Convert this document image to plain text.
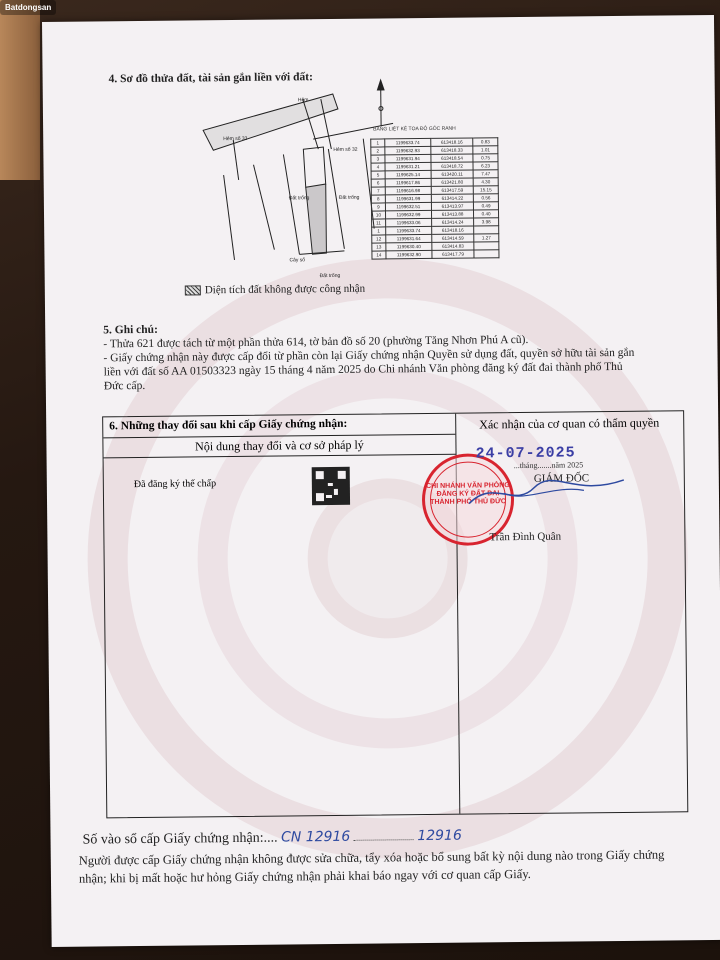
4. Sơ đồ thửa đất, tài sản gắn liền với đất:
Hẻm số 33
Hẻm số 32
Hẻm
Đất trống	Đất trống
Cây số
Đất trống
BẢNG LIỆT KÊ TỌA ĐỘ GÓC RANH
1	1199633.74	613418.16	0.83
2	1199632.93	613418.33	1.01
3	1199631.94	613418.54	0.75
4	1199631.21	613418.72	6.23
5	1199625.14	613420.11	7.47
6	1199617.86	613421.80	4.30
7	1199616.98	613417.59	15.15
8	1199631.99	613414.22	0.56
9	1199632.51	613413.97	0.49
10	1199632.99	613413.88	0.40
11	1199633.06	613414.24	3.98
1	1199633.74	613418.16	
12	1199631.64	613414.59	1.27
13	1199630.40	613414.83	
14	1199632.90	613417.79	
Diện tích đất không được công nhận
5. Ghi chú:
- Thửa 621 được tách từ một phần thửa 614, tờ bản đồ số 20 (phường Tăng Nhơn Phú A cũ).
- Giấy chứng nhận này được cấp đổi từ phần còn lại Giấy chứng nhận Quyền sử dụng đất, quyền sở hữu tài sản gắn liền với đất số AA 01503323 ngày 15 tháng 4 năm 2025 do Chi nhánh Văn phòng đăng ký đất đai thành phố Thủ Đức cấp.
6. Những thay đổi sau khi cấp Giấy chứng nhận:
Nội dung thay đổi và cơ sở pháp lý
Xác nhận của cơ quan có thẩm quyền
Đã đăng ký thế chấp	CHI NHÁNH VĂN PHÒNG ĐĂNG KÝ ĐẤT ĐAI THÀNH PHỐ THỦ ĐỨC
24-07-2025
...tháng.......năm 2025
GIÁM ĐỐC
Trần Đình Quân
Số vào sổ cấp Giấy chứng nhận:.... CN 12916	12916
Người được cấp Giấy chứng nhận không được sửa chữa, tẩy xóa hoặc bổ sung bất kỳ nội dung nào trong Giấy chứng nhận; khi bị mất hoặc hư hỏng Giấy chứng nhận phải khai báo ngay với cơ quan cấp Giấy.
Batdongsan
